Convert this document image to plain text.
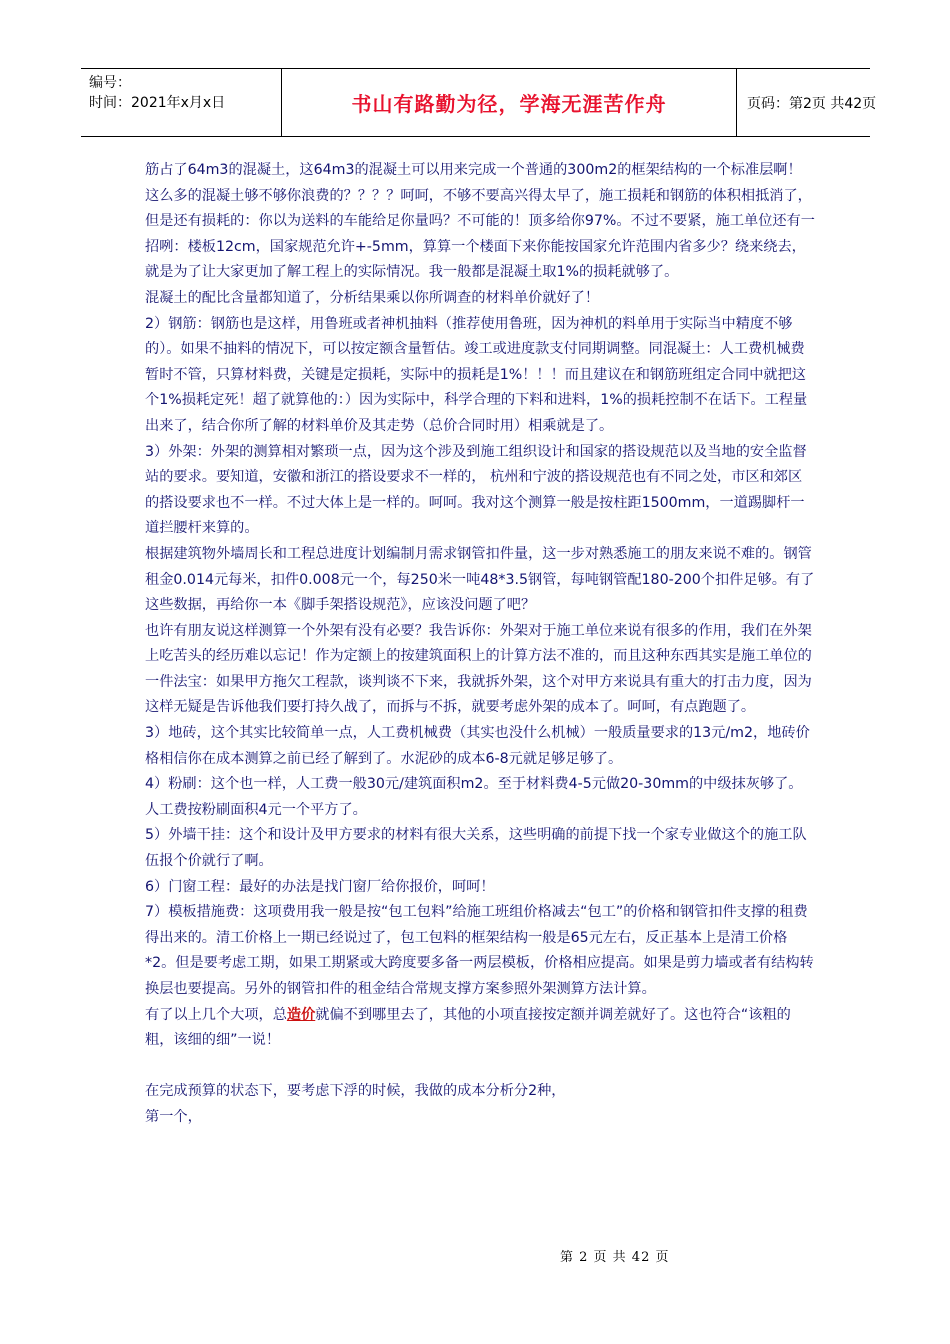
编号：
时间：2021年x月x日	书山有路勤为径，学海无涯苦作舟	页码：第2页 共42页

筋占了64m3的混凝土，这64m3的混凝土可以用来完成一个普通的300m2的框架结构的一个标准层啊！这么多的混凝土够不够你浪费的？？？？呵呵，不够不要高兴得太早了，施工损耗和钢筋的体积相抵消了，但是还有损耗的：你以为送料的车能给足你量吗？不可能的！顶多给你97%。不过不要紧，施工单位还有一招咧：楼板12cm，国家规范允许+-5mm，算算一个楼面下来你能按国家允许范围内省多少？绕来绕去，就是为了让大家更加了解工程上的实际情况。我一般都是混凝土取1%的损耗就够了。

混凝土的配比含量都知道了，分析结果乘以你所调查的材料单价就好了！

2）钢筋：钢筋也是这样，用鲁班或者神机抽料（推荐使用鲁班，因为神机的料单用于实际当中精度不够的）。如果不抽料的情况下，可以按定额含量暂估。竣工或进度款支付同期调整。同混凝土：人工费机械费暂时不管，只算材料费，关键是定损耗，实际中的损耗是1%！！！而且建议在和钢筋班组定合同中就把这个1%损耗定死！超了就算他的：）因为实际中，科学合理的下料和进料，1%的损耗控制不在话下。工程量出来了，结合你所了解的材料单价及其走势（总价合同时用）相乘就是了。

3）外架：外架的测算相对繁琐一点，因为这个涉及到施工组织设计和国家的搭设规范以及当地的安全监督站的要求。要知道，安徽和浙江的搭设要求不一样的， 杭州和宁波的搭设规范也有不同之处，市区和郊区的搭设要求也不一样。不过大体上是一样的。呵呵。我对这个测算一般是按柱距1500mm，一道踢脚杆一道拦腰杆来算的。

根据建筑物外墙周长和工程总进度计划编制月需求钢管扣件量，这一步对熟悉施工的朋友来说不难的。钢管租金0.014元每米，扣件0.008元一个，每250米一吨48*3.5钢管，每吨钢管配180-200个扣件足够。有了这些数据，再给你一本《脚手架搭设规范》，应该没问题了吧？

也许有朋友说这样测算一个外架有没有必要？我告诉你：外架对于施工单位来说有很多的作用，我们在外架上吃苦头的经历难以忘记！作为定额上的按建筑面积上的计算方法不准的，而且这种东西其实是施工单位的一件法宝：如果甲方拖欠工程款，谈判谈不下来，我就拆外架，这个对甲方来说具有重大的打击力度，因为这样无疑是告诉他我们要打持久战了，而拆与不拆，就要考虑外架的成本了。呵呵，有点跑题了。

3）地砖，这个其实比较简单一点，人工费机械费（其实也没什么机械）一般质量要求的13元/m2，地砖价格相信你在成本测算之前已经了解到了。水泥砂的成本6-8元就足够足够了。

4）粉刷：这个也一样，人工费一般30元/建筑面积m2。至于材料费4-5元做20-30mm的中级抹灰够了。人工费按粉刷面积4元一个平方了。

5）外墙干挂：这个和设计及甲方要求的材料有很大关系，这些明确的前提下找一个家专业做这个的施工队伍报个价就行了啊。

6）门窗工程：最好的办法是找门窗厂给你报价，呵呵！

7）模板措施费：这项费用我一般是按“包工包料”给施工班组价格减去“包工”的价格和钢管扣件支撑的租费得出来的。清工价格上一期已经说过了，包工包料的框架结构一般是65元左右，反正基本上是清工价格*2。但是要考虑工期，如果工期紧或大跨度要多备一两层模板，价格相应提高。如果是剪力墙或者有结构转换层也要提高。另外的钢管扣件的租金结合常规支撑方案参照外架测算方法计算。

有了以上几个大项，总造价就偏不到哪里去了，其他的小项直接按定额并调差就好了。这也符合“该粗的粗，该细的细”一说！

在完成预算的状态下，要考虑下浮的时候，我做的成本分析分2种，

第一个，

第 2 页 共 42 页
